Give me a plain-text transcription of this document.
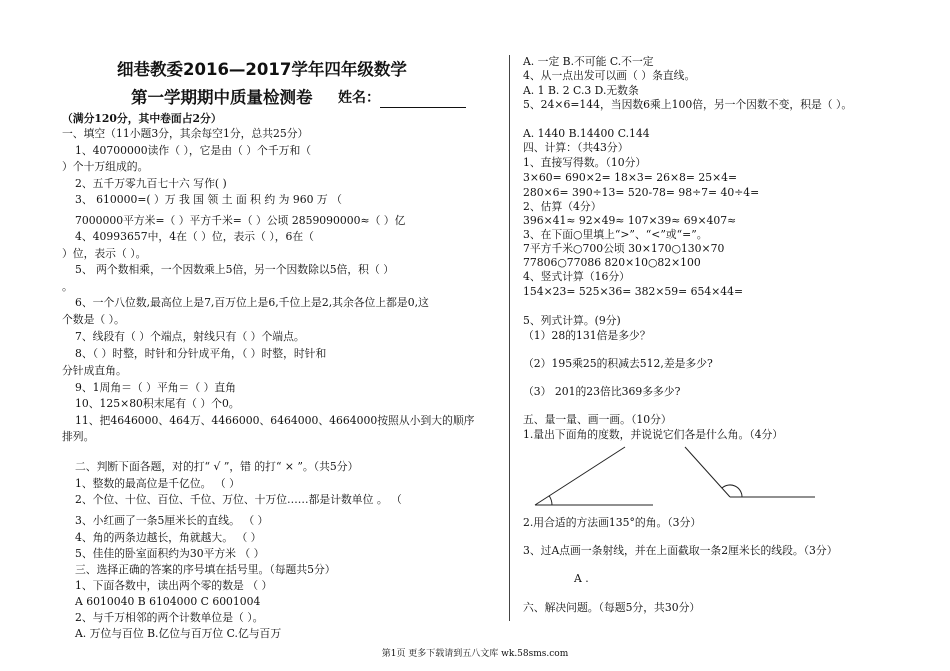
细巷教委2016—2017学年四年级数学
第一学期期中质量检测卷 姓名：
（满分120分，其中卷面占2分）
一、填空（11小题3分，其余每空1分，总共25分）
1、40700000读作（ ），它是由（ ）个千万和（
）个十万组成的。
2、五千万零九百七十六 写作( )
3、 610000=( ）万 我 国 领 土 面 积 约 为 960 万 （
7000000平方米=（ ）平方千米=（ ）公顷 2859090000≈（ ）亿
4、40993657中，4在（ ）位，表示（ ），6在（
）位，表示（ ）。
5、 两个数相乘，一个因数乘上5倍，另一个因数除以5倍，积（ ）
。
6、一个八位数,最高位上是7,百万位上是6,千位上是2,其余各位上都是0,这
个数是（ ）。
7、线段有（ ）个端点，射线只有（ ）个端点。
8、（ ）时整，时针和分针成平角，（ ）时整，时针和
分针成直角。
9、1周角＝（ ）平角＝（ ）直角
10、125×80积末尾有（ ）个0。
11、把4646000、464万、4466000、6464000、4664000按照从小到大的顺序
排列。
二、判断下面各题，对的打“ √ ”，错 的打“ × ”。（共5分）
1、整数的最高位是千亿位。 （ ）
2、个位、十位、百位、千位、万位、十万位……都是计数单位 。 （
3、小红画了一条5厘米长的直线。 （ ）
4、角的两条边越长，角就越大。 （ ）
5、佳佳的卧室面积约为30平方米 （ ）
三、选择正确的答案的序号填在括号里。（每题共5分）
1、下面各数中，读出两个零的数是 （ ）
A 6010040 B 6104000 C 6001004
2、与千万相邻的两个计数单位是（ ）。
A. 万位与百位 B.亿位与百万位 C.亿与百万
A. 一定 B.不可能 C.不一定
4、从一点出发可以画（ ）条直线。
A. 1 B. 2 C.3 D.无数条
5、24×6=144，当因数6乘上100倍，另一个因数不变，积是（ ）。
A. 1440 B.14400 C.144
四、计算：（共43分）
1、直接写得数。（10分）
3×60= 690×2= 18×3= 26×8= 25×4=
280×6= 390÷13= 520-78= 98÷7= 40÷4=
2、估算（4分）
396×41≈ 92×49≈ 107×39≈ 69×407≈
3、在下面○里填上“>”、“<”或“=”。
7平方千米○700公顷 30×170○130×70
77806○77086 820×10○82×100
4、竖式计算（16分）
154×23= 525×36= 382×59= 654×44=
5、列式计算。(9分)
（1）28的131倍是多少？
（2）195乘25的积减去512,差是多少?
（3） 201的23倍比369多多少?
五、量一量、画一画。（10分）
1.量出下面角的度数，并说说它们各是什么角。（4分）
2.用合适的方法画135°的角。（3分）
3、过A点画一条射线，并在上面截取一条2厘米长的线段。（3分）
A .
六、解决问题。（每题5分，共30分）
第1页 更多下载请到五八文库 wk.58sms.com
